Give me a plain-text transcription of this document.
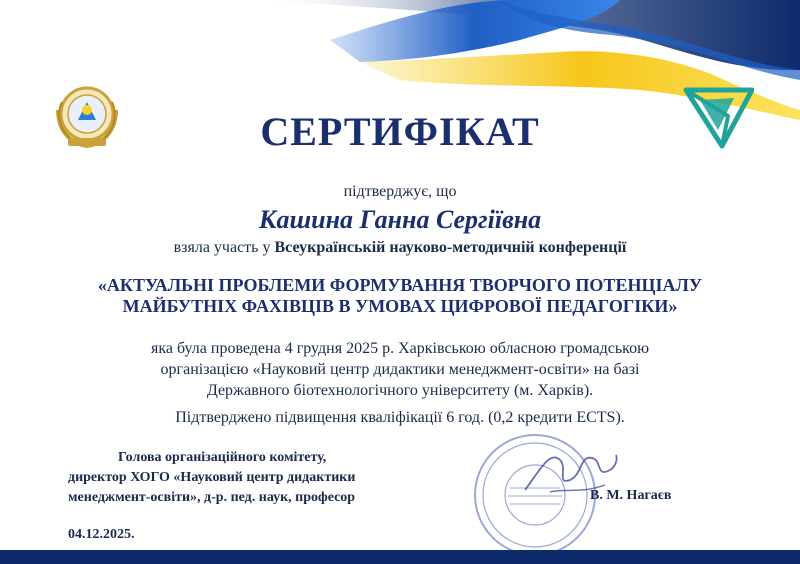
СЕРТИФІКАТ
підтверджує, що
Кашина Ганна Сергіївна
взяла участь у Всеукраїнській науково-методичній конференції
«АКТУАЛЬНІ ПРОБЛЕМИ ФОРМУВАННЯ ТВОРЧОГО ПОТЕНЦІАЛУ
МАЙБУТНІХ ФАХІВЦІВ В УМОВАХ ЦИФРОВОЇ ПЕДАГОГІКИ»
яка була проведена 4 грудня 2025 р. Харківською обласною громадською
організацією «Науковий центр дидактики менеджмент-освіти» на базі
Державного біотехнологічного університету (м. Харків).
Підтверджено підвищення кваліфікації 6 год. (0,2 кредити ECTS).
Голова організаційного комітету,
директор ХОГО «Науковий центр дидактики
менеджмент-освіти», д-р. пед. наук, професор	В. М. Нагаєв
04.12.2025.
